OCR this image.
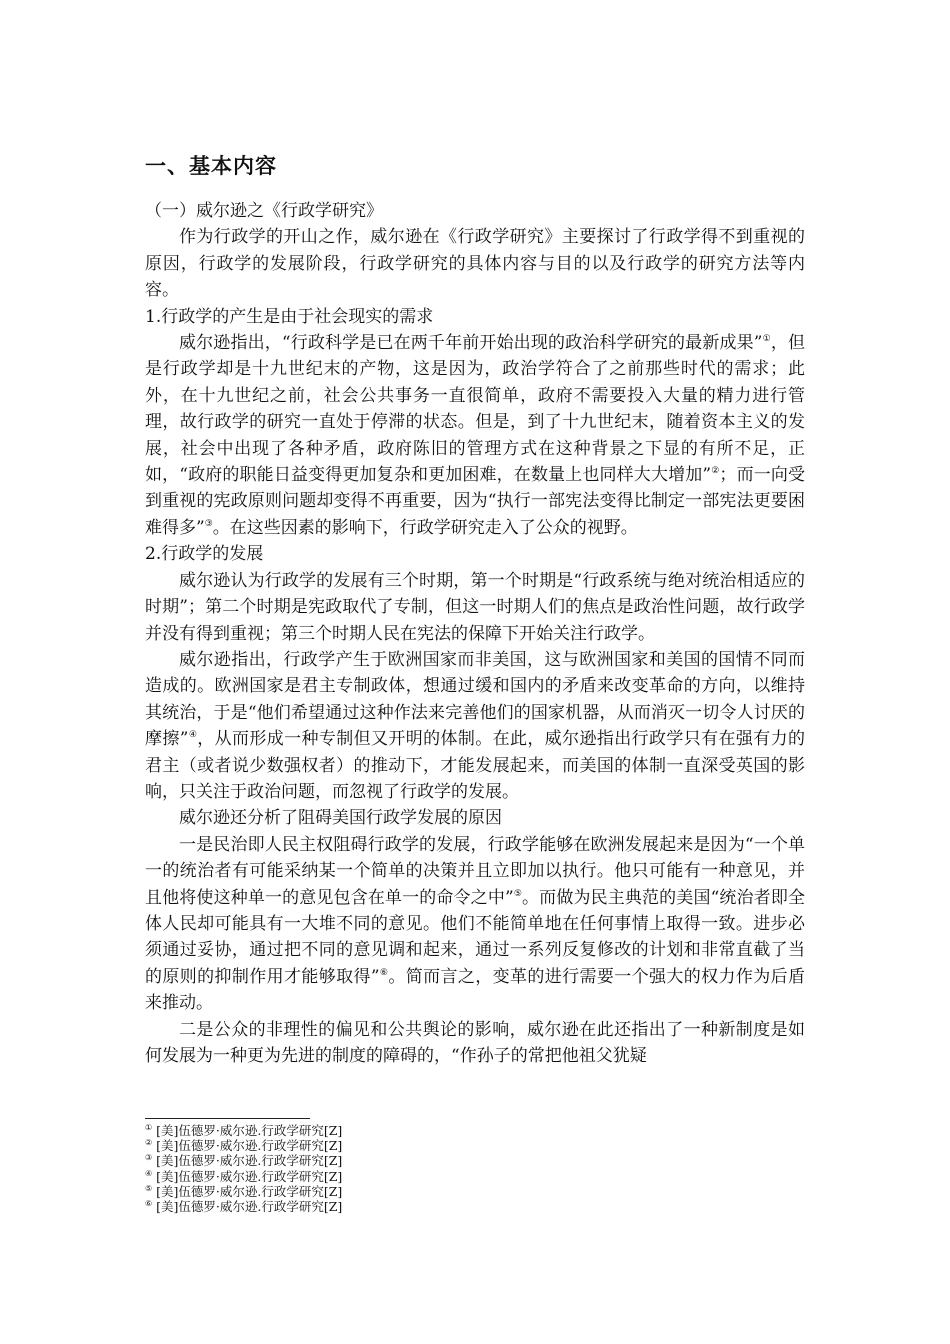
一、基本内容

（一）威尔逊之《行政学研究》

作为行政学的开山之作，威尔逊在《行政学研究》主要探讨了行政学得不到重视的原因，行政学的发展阶段，行政学研究的具体内容与目的以及行政学的研究方法等内容。

1.行政学的产生是由于社会现实的需求

威尔逊指出，“行政科学是已在两千年前开始出现的政治科学研究的最新成果”①，但是行政学却是十九世纪末的产物，这是因为，政治学符合了之前那些时代的需求；此外，在十九世纪之前，社会公共事务一直很简单，政府不需要投入大量的精力进行管理，故行政学的研究一直处于停滞的状态。但是，到了十九世纪末，随着资本主义的发展，社会中出现了各种矛盾，政府陈旧的管理方式在这种背景之下显的有所不足，正如，“政府的职能日益变得更加复杂和更加困难，在数量上也同样大大增加”②；而一向受到重视的宪政原则问题却变得不再重要，因为“执行一部宪法变得比制定一部宪法更要困难得多”③。在这些因素的影响下，行政学研究走入了公众的视野。

2.行政学的发展

威尔逊认为行政学的发展有三个时期，第一个时期是“行政系统与绝对统治相适应的时期”；第二个时期是宪政取代了专制，但这一时期人们的焦点是政治性问题，故行政学并没有得到重视；第三个时期人民在宪法的保障下开始关注行政学。

威尔逊指出，行政学产生于欧洲国家而非美国，这与欧洲国家和美国的国情不同而造成的。欧洲国家是君主专制政体，想通过缓和国内的矛盾来改变革命的方向，以维持其统治，于是“他们希望通过这种作法来完善他们的国家机器，从而消灭一切令人讨厌的摩擦”④，从而形成一种专制但又开明的体制。在此，威尔逊指出行政学只有在强有力的君主（或者说少数强权者）的推动下，才能发展起来，而美国的体制一直深受英国的影响，只关注于政治问题，而忽视了行政学的发展。

威尔逊还分析了阻碍美国行政学发展的原因

一是民治即人民主权阻碍行政学的发展，行政学能够在欧洲发展起来是因为“一个单一的统治者有可能采纳某一个简单的决策并且立即加以执行。他只可能有一种意见，并且他将使这种单一的意见包含在单一的命令之中”⑤。而做为民主典范的美国“统治者即全体人民却可能具有一大堆不同的意见。他们不能简单地在任何事情上取得一致。进步必须通过妥协，通过把不同的意见调和起来，通过一系列反复修改的计划和非常直截了当的原则的抑制作用才能够取得”⑥。简而言之，变革的进行需要一个强大的权力作为后盾来推动。

二是公众的非理性的偏见和公共舆论的影响，威尔逊在此还指出了一种新制度是如何发展为一种更为先进的制度的障碍的，“作孙子的常把他祖父犹疑

① [美]伍德罗·威尔逊.行政学研究[Z]
② [美]伍德罗·威尔逊.行政学研究[Z]
③ [美]伍德罗·威尔逊.行政学研究[Z]
④ [美]伍德罗·威尔逊.行政学研究[Z]
⑤ [美]伍德罗·威尔逊.行政学研究[Z]
⑥ [美]伍德罗·威尔逊.行政学研究[Z]
